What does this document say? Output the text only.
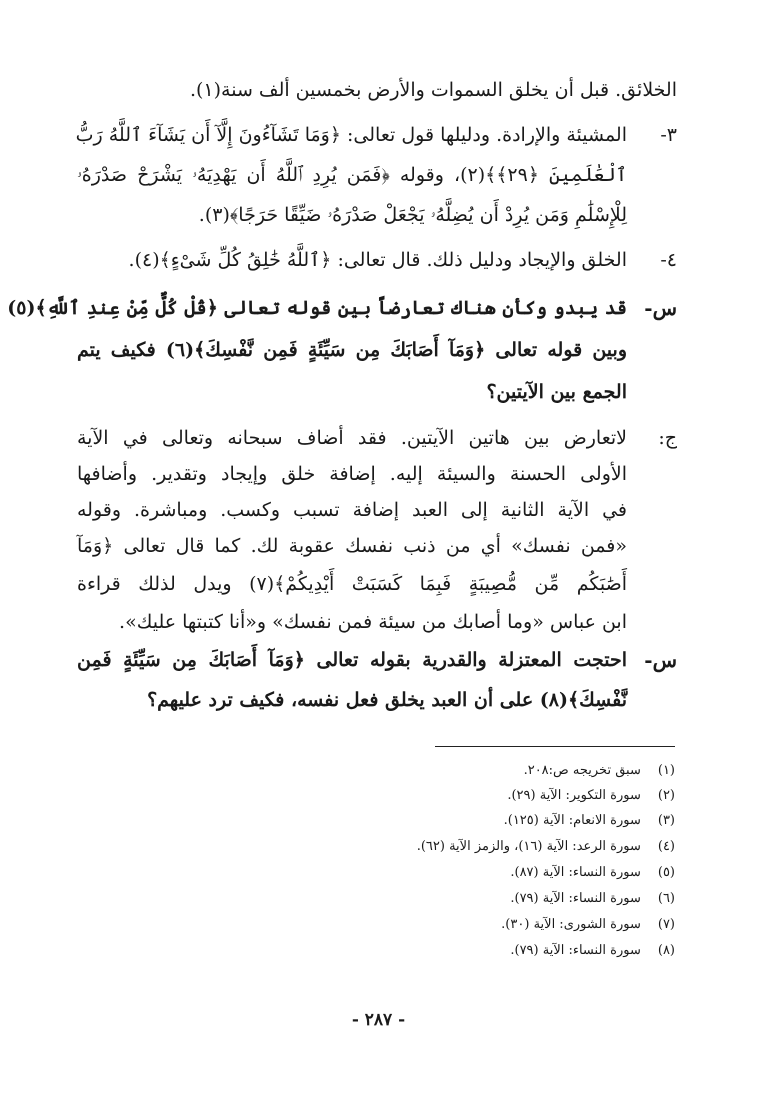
الخلائق. قبل أن يخلق السموات والأرض بخمسين ألف سنة(١).
٣-
المشيئة والإرادة. ودليلها قول تعالى: ﴿وَمَا تَشَآءُونَ إِلَّآ أَن يَشَآءَ ٱللَّهُ رَبُّ
ٱلْعَٰلَمِينَ ﴿٢٩﴾﴾(٢)، وقوله ﴿فَمَن يُرِدِ ٱللَّهُ أَن يَهْدِيَهُۥ يَشْرَحْ صَدْرَهُۥ
لِلْإِسْلَٰمِ وَمَن يُرِدْ أَن يُضِلَّهُۥ يَجْعَلْ صَدْرَهُۥ ضَيِّقًا حَرَجًا﴾(٣).
٤-
الخلق والإيجاد ودليل ذلك. قال تعالى: ﴿ٱللَّهُ خَٰلِقُ كُلِّ شَىْءٍ﴾(٤).
س-
قد يبدو وكأن هناك تعارضاً بين قوله تعالى ﴿قُلْ كُلٌّ مِّنْ عِندِ ٱللَّهِ﴾(٥)
وبين قوله تعالى ﴿وَمَآ أَصَابَكَ مِن سَيِّئَةٍ فَمِن نَّفْسِكَ﴾(٦) فكيف يتم
الجمع بين الآيتين؟
ج:
لاتعارض بين هاتين الآيتين. فقد أضاف سبحانه وتعالى في الآية
الأولى الحسنة والسيئة إليه. إضافة خلق وإيجاد وتقدير. وأضافها
في الآية الثانية إلى العبد إضافة تسبب وكسب. ومباشرة. وقوله
«فمن نفسك» أي من ذنب نفسك عقوبة لك. كما قال تعالى ﴿وَمَآ
أَصَٰبَكُم مِّن مُّصِيبَةٍ فَبِمَا كَسَبَتْ أَيْدِيكُمْ﴾(٧) ويدل لذلك قراءة
ابن عباس «وما أصابك من سيئة فمن نفسك» و«أنا كتبتها عليك».
س-
احتجت المعتزلة والقدرية بقوله تعالى ﴿وَمَآ أَصَابَكَ مِن سَيِّئَةٍ فَمِن
نَّفْسِكَ﴾(٨) على أن العبد يخلق فعل نفسه، فكيف ترد عليهم؟
(١) سبق تخريجه ص:٢٠٨.
(٢) سورة التكوير: الآية (٢٩).
(٣) سورة الانعام: الآية (١٢٥).
(٤) سورة الرعد: الآية (١٦)، والزمز الآية (٦٢).
(٥) سورة النساء: الآية (٨٧).
(٦) سورة النساء: الآية (٧٩).
(٧) سورة الشورى: الآية (٣٠).
(٨) سورة النساء: الآية (٧٩).
- ٢٨٧ -
